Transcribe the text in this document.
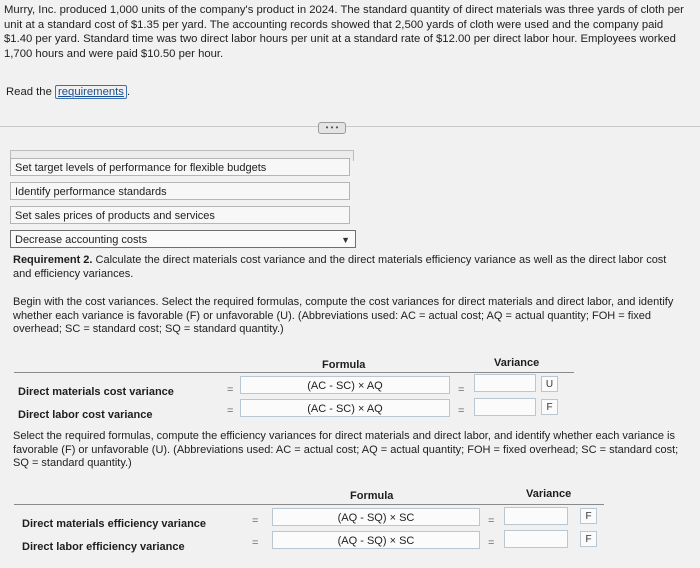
Murry, Inc. produced 1,000 units of the company's product in 2024. The standard quantity of direct materials was three yards of cloth per unit at a standard cost of $1.35 per yard. The accounting records showed that 2,500 yards of cloth were used and the company paid $1.40 per yard. Standard time was two direct labor hours per unit at a standard rate of $12.00 per direct labor hour. Employees worked 1,700 hours and were paid $10.50 per hour.
Read the requirements .
• • •
Set target levels of performance for flexible budgets
Identify performance standards
Set sales prices of products and services
Decrease accounting costs	▼
Requirement 2. Calculate the direct materials cost variance and the direct materials efficiency variance as well as the direct labor cost and efficiency variances.
Begin with the cost variances. Select the required formulas, compute the cost variances for direct materials and direct labor, and identify whether each variance is favorable (F) or unfavorable (U). (Abbreviations used: AC = actual cost; AQ = actual quantity; FOH = fixed overhead; SC = standard cost; SQ = standard quantity.)
Formula	Variance
Direct materials cost variance	=	(AC - SC) × AQ	=	U
Direct labor cost variance	=	(AC - SC) × AQ	=	F
Select the required formulas, compute the efficiency variances for direct materials and direct labor, and identify whether each variance is favorable (F) or unfavorable (U). (Abbreviations used: AC = actual cost; AQ = actual quantity; FOH = fixed overhead; SC = standard cost; SQ = standard quantity.)
Formula	Variance
Direct materials efficiency variance	=	(AQ - SQ) × SC	=	F
Direct labor efficiency variance	=	(AQ - SQ) × SC	=	F
